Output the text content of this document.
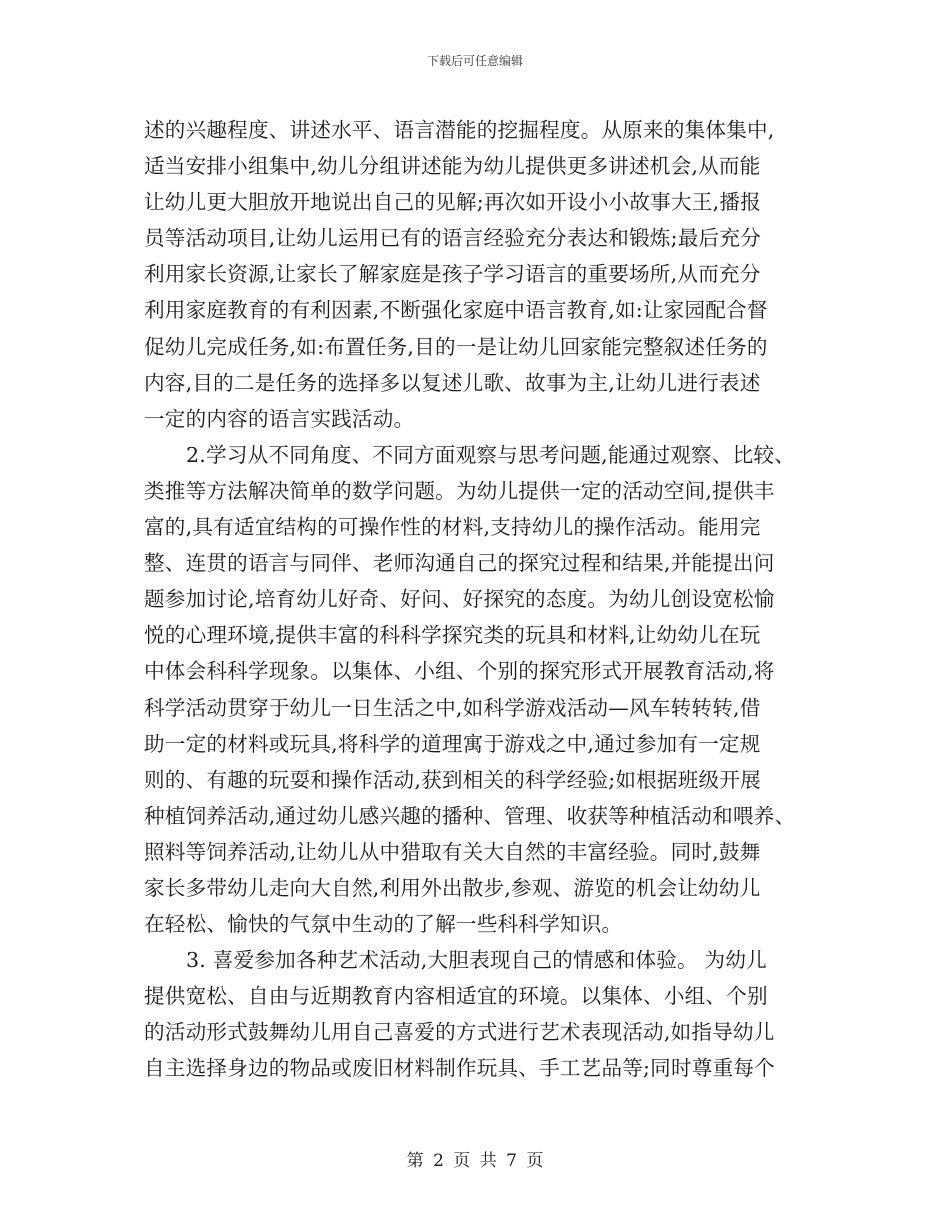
下载后可任意编辑
述的兴趣程度、讲述水平、语言潜能的挖掘程度。从原来的集体集中,
适当安排小组集中,幼儿分组讲述能为幼儿提供更多讲述机会,从而能
让幼儿更大胆放开地说出自己的见解;再次如开设小小故事大王,播报
员等活动项目,让幼儿运用已有的语言经验充分表达和锻炼;最后充分
利用家长资源,让家长了解家庭是孩子学习语言的重要场所,从而充分
利用家庭教育的有利因素,不断强化家庭中语言教育,如:让家园配合督
促幼儿完成任务,如:布置任务,目的一是让幼儿回家能完整叙述任务的
内容,目的二是任务的选择多以复述儿歌、故事为主,让幼儿进行表述
一定的内容的语言实践活动。
2.学习从不同角度、不同方面观察与思考问题,能通过观察、比较、
类推等方法解决简单的数学问题。为幼儿提供一定的活动空间,提供丰
富的,具有适宜结构的可操作性的材料,支持幼儿的操作活动。能用完
整、连贯的语言与同伴、老师沟通自己的探究过程和结果,并能提出问
题参加讨论,培育幼儿好奇、好问、好探究的态度。为幼儿创设宽松愉
悦的心理环境,提供丰富的科科学探究类的玩具和材料,让幼幼儿在玩
中体会科科学现象。以集体、小组、个别的探究形式开展教育活动,将
科学活动贯穿于幼儿一日生活之中,如科学游戏活动—风车转转转,借
助一定的材料或玩具,将科学的道理寓于游戏之中,通过参加有一定规
则的、有趣的玩耍和操作活动,获到相关的科学经验;如根据班级开展
种植饲养活动,通过幼儿感兴趣的播种、管理、收获等种植活动和喂养、
照料等饲养活动,让幼儿从中猎取有关大自然的丰富经验。同时,鼓舞
家长多带幼儿走向大自然,利用外出散步,参观、游览的机会让幼幼儿
在轻松、愉快的气氛中生动的了解一些科科学知识。
3. 喜爱参加各种艺术活动,大胆表现自己的情感和体验。 为幼儿
提供宽松、自由与近期教育内容相适宜的环境。以集体、小组、个别
的活动形式鼓舞幼儿用自己喜爱的方式进行艺术表现活动,如指导幼儿
自主选择身边的物品或废旧材料制作玩具、手工艺品等;同时尊重每个
第 2 页 共 7 页
